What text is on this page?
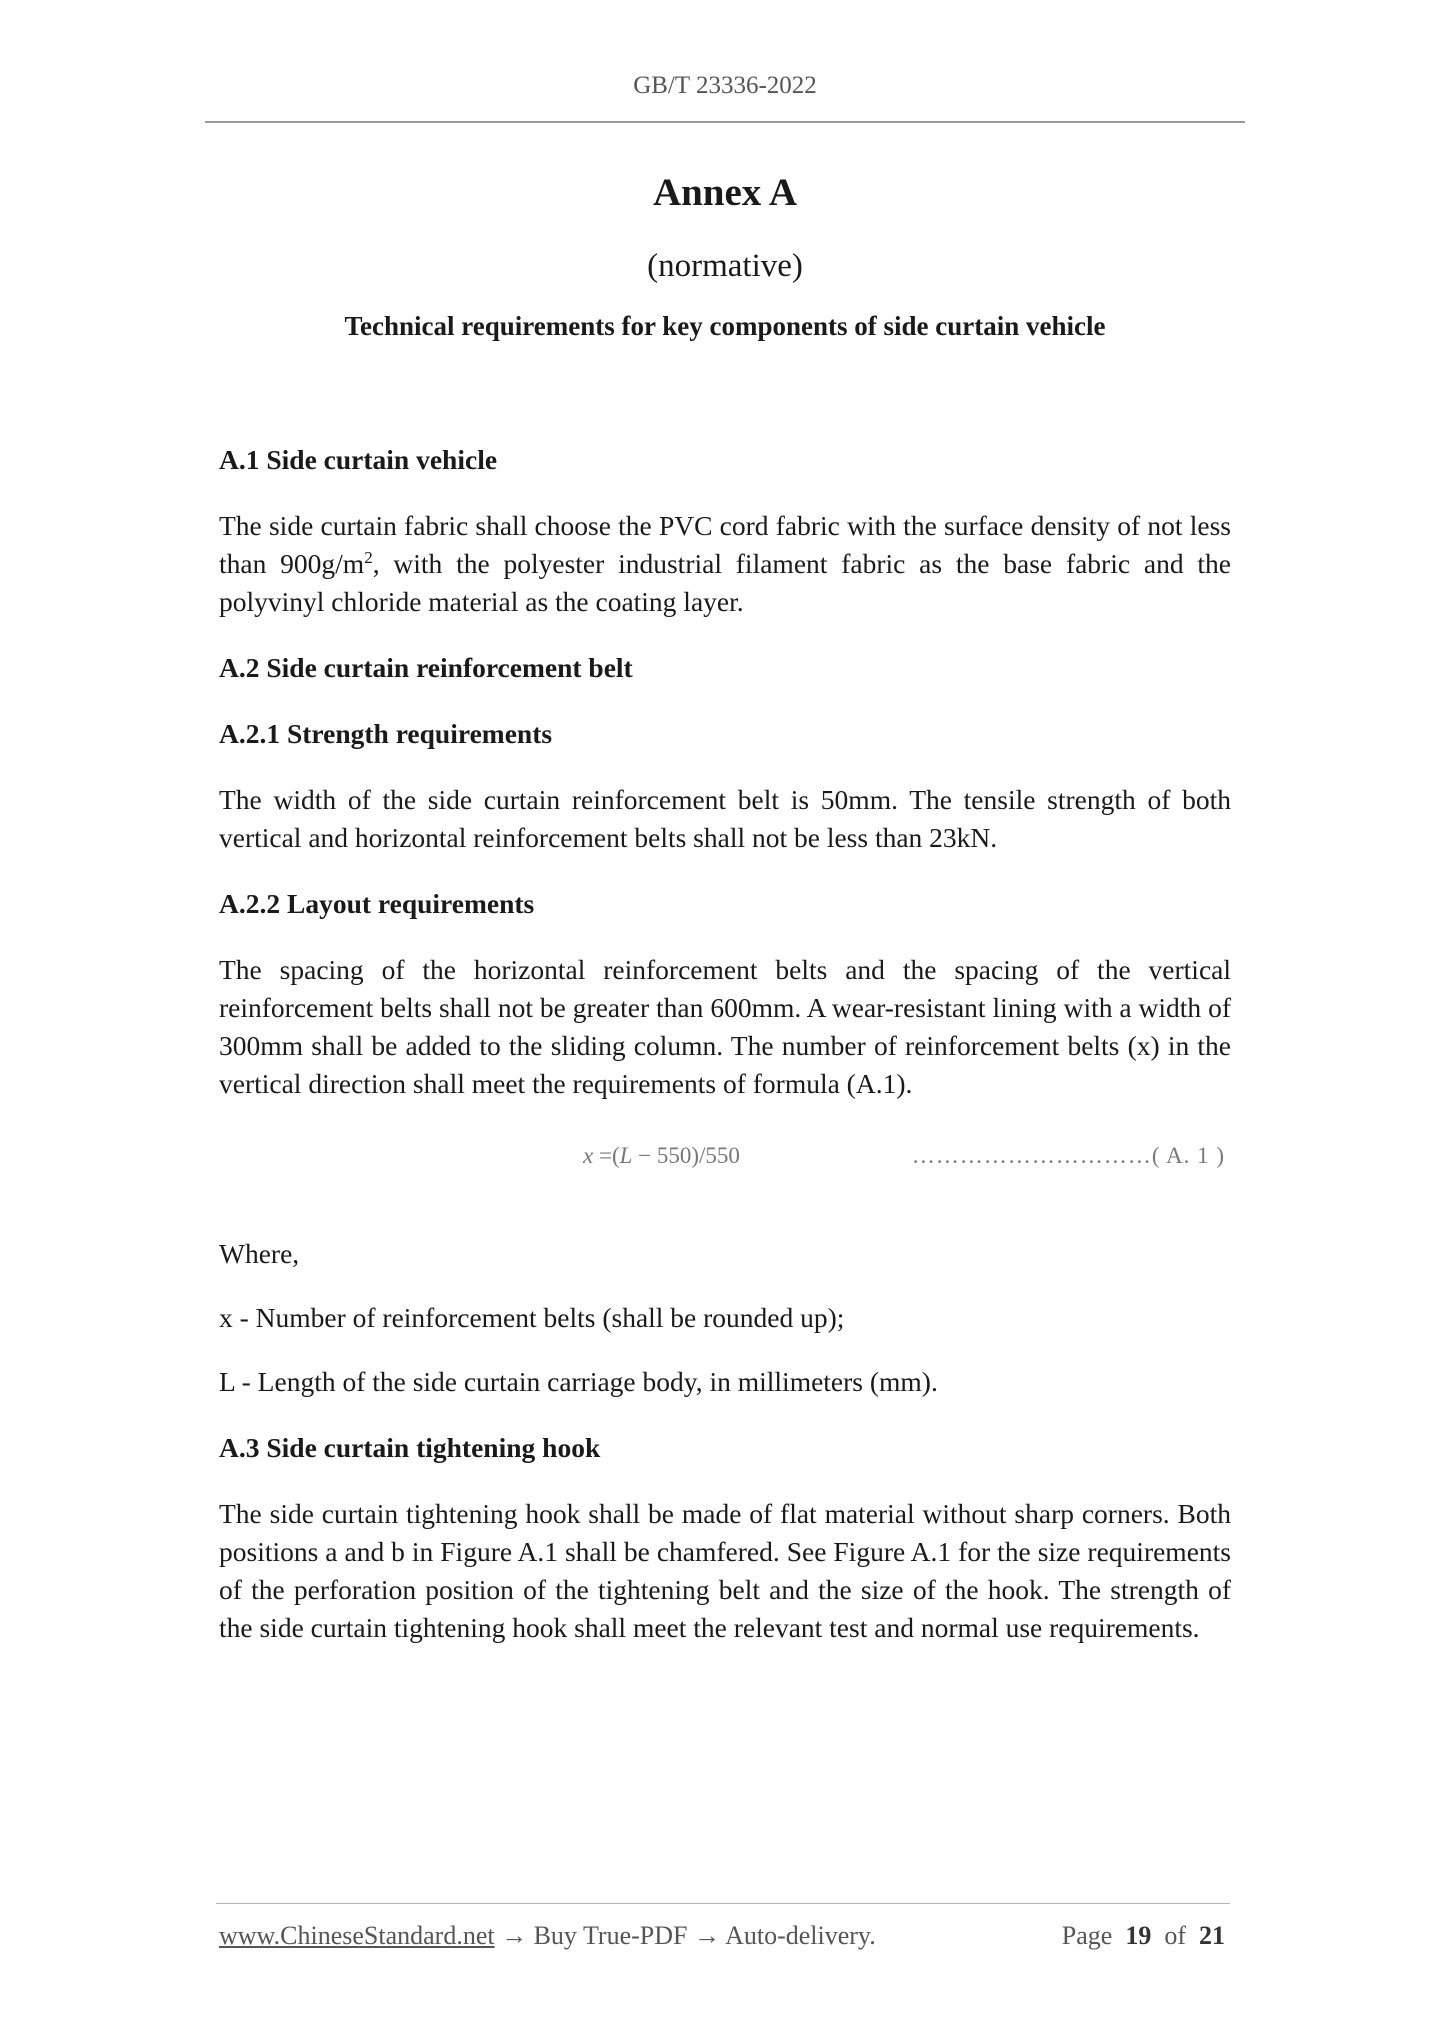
GB/T 23336-2022
Annex A
(normative)
Technical requirements for key components of side curtain vehicle
A.1 Side curtain vehicle

The side curtain fabric shall choose the PVC cord fabric with the surface density of not less than $900g/m^2$, with the polyester industrial filament fabric as the base fabric and the polyvinyl chloride material as the coating layer.

A.2 Side curtain reinforcement belt
A.2.1 Strength requirements

The width of the side curtain reinforcement belt is 50mm. The tensile strength of both vertical and horizontal reinforcement belts shall not be less than 23kN.

A.2.2 Layout requirements

The spacing of the horizontal reinforcement belts and the spacing of the vertical reinforcement belts shall not be greater than 600mm. A wear-resistant lining with a width of 300mm shall be added to the sliding column. The number of reinforcement belts (x) in the vertical direction shall meet the requirements of formula (A.1).

x =(L − 550)/550	…………………………( A. 1 )

Where,

x - Number of reinforcement belts (shall be rounded up);

L - Length of the side curtain carriage body, in millimeters (mm).

A.3 Side curtain tightening hook

The side curtain tightening hook shall be made of flat material without sharp corners. Both positions a and b in Figure A.1 shall be chamfered. See Figure A.1 for the size requirements of the perforation position of the tightening belt and the size of the hook. The strength of the side curtain tightening hook shall meet the relevant test and normal use requirements.

www.ChineseStandard.net → Buy True-PDF → Auto-delivery.	Page 19 of 21
